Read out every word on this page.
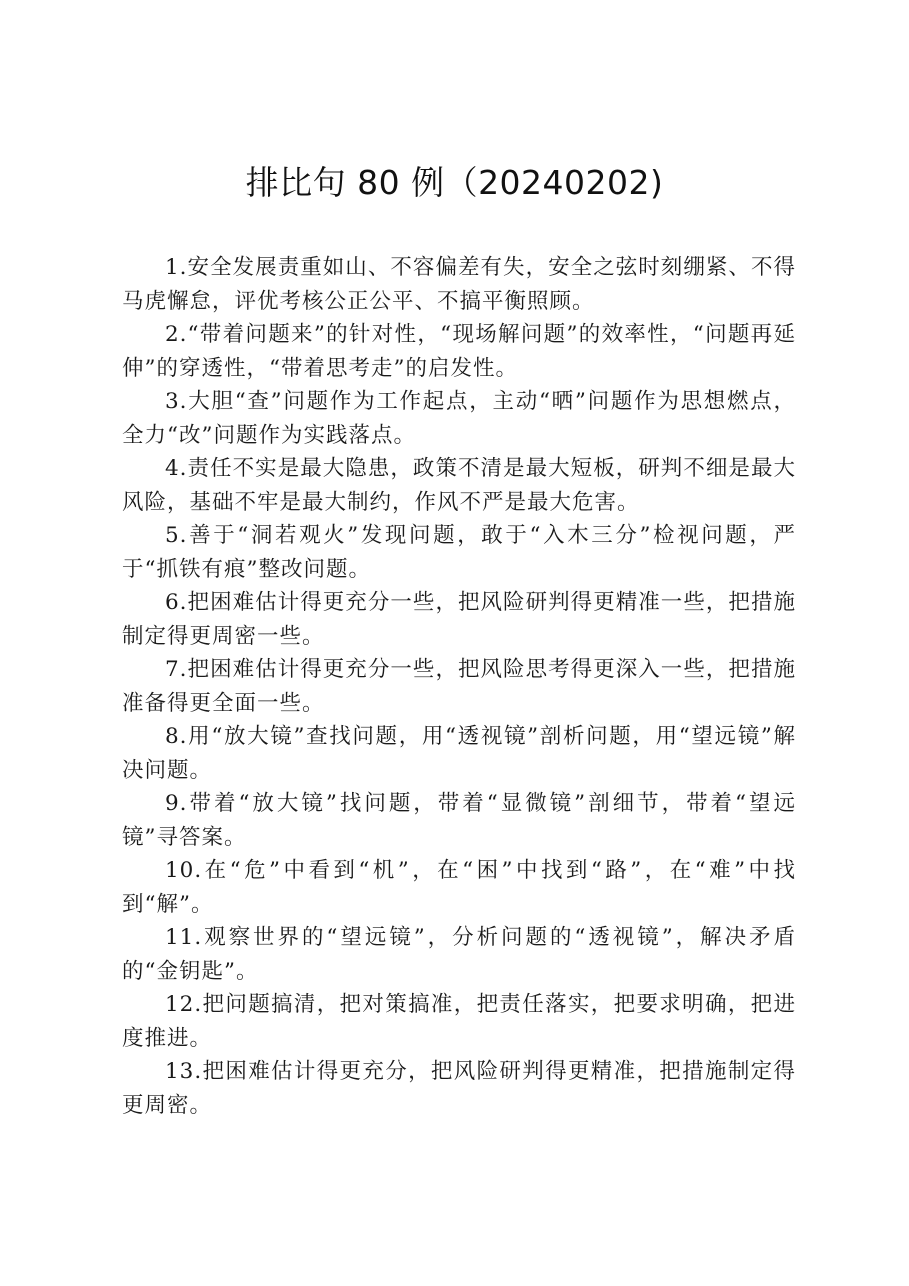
排比句 80 例（20240202)

1.安全发展责重如山、不容偏差有失，安全之弦时刻绷紧、不得马虎懈怠，评优考核公正公平、不搞平衡照顾。

2.“带着问题来”的针对性，“现场解问题”的效率性，“问题再延伸”的穿透性，“带着思考走”的启发性。

3.大胆“查”问题作为工作起点，主动“晒”问题作为思想燃点，全力“改”问题作为实践落点。

4.责任不实是最大隐患，政策不清是最大短板，研判不细是最大风险，基础不牢是最大制约，作风不严是最大危害。

5.善于“洞若观火”发现问题，敢于“入木三分”检视问题，严于“抓铁有痕”整改问题。

6.把困难估计得更充分一些，把风险研判得更精准一些，把措施制定得更周密一些。

7.把困难估计得更充分一些，把风险思考得更深入一些，把措施准备得更全面一些。

8.用“放大镜”查找问题，用“透视镜”剖析问题，用“望远镜”解决问题。

9.带着“放大镜”找问题，带着“显微镜”剖细节，带着“望远镜”寻答案。

10.在“危”中看到“机”，在“困”中找到“路”，在“难”中找到“解”。

11.观察世界的“望远镜”，分析问题的“透视镜”，解决矛盾的“金钥匙”。

12.把问题搞清，把对策搞准，把责任落实，把要求明确，把进度推进。

13.把困难估计得更充分，把风险研判得更精准，把措施制定得更周密。
